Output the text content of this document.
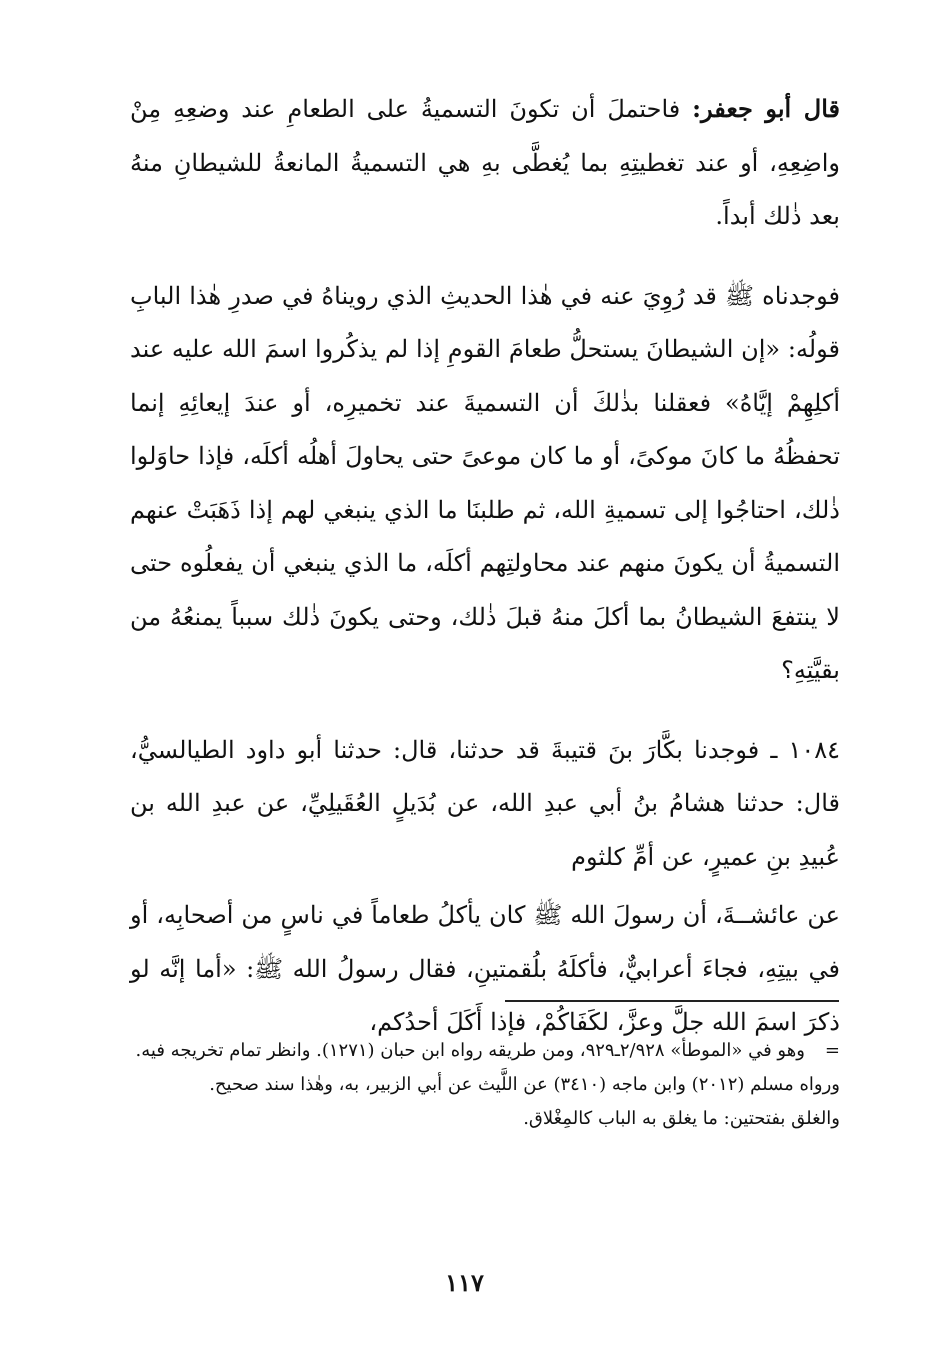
قال أبو جعفر: فاحتملَ أن تكونَ التسميةُ على الطعامِ عند وضعِهِ مِنْ واضِعِهِ، أو عند تغطيتِهِ بما يُغطَّى بهِ هي التسميةُ المانعةُ للشيطانِ منهُ بعد ذٰلك أبداً.

فوجدناه ﷺ قد رُوِيَ عنه في هٰذا الحديثِ الذي رويناهُ في صدرِ هٰذا البابِ قولُه: «إن الشيطانَ يستحلُّ طعامَ القومِ إذا لم يذكُروا اسمَ الله عليه عند أكلِهِمْ إيَّاهُ» فعقلنا بذٰلكَ أن التسميةَ عند تخميرِه، أو عندَ إيعائِهِ إنما تحفظُهُ ما كانَ موكىً، أو ما كان موعىً حتى يحاولَ أهلُه أكلَه، فإذا حاوَلوا ذٰلك، احتاجُوا إلى تسميةِ الله، ثم طلبنَا ما الذي ينبغي لهم إذا ذَهَبَتْ عنهم التسميةُ أن يكونَ منهم عند محاولتِهم أكلَه، ما الذي ينبغي أن يفعلُوه حتى لا ينتفعَ الشيطانُ بما أكلَ منهُ قبلَ ذٰلك، وحتى يكونَ ذٰلك سبباً يمنعُهُ من بقيَّتِهِ؟

١٠٨٤ ـ فوجدنا بكَّارَ بنَ قتيبةَ قد حدثنا، قال: حدثنا أبو داود الطيالسيُّ، قال: حدثنا هشامُ بنُ أبي عبدِ الله، عن بُدَيلٍ العُقَيلِيِّ، عن عبدِ الله بن عُبيدِ بنِ عميرٍ، عن أمِّ كلثوم

عن عائشــةَ، أن رسولَ الله ﷺ كان يأكلُ طعاماً في ناسٍ من أصحابِه، أو في بيتِهِ، فجاءَ أعرابيٌّ، فأكلَهُ بلُقمتينِ، فقال رسولُ الله ﷺ: «أما إنَّه لو ذكرَ اسمَ الله جلَّ وعزَّ، لكَفَاكُمْ، فإذا أَكَلَ أحدُكم،

=وهو في «الموطأ» ٢/٩٢٨ـ٩٢٩، ومن طريقه رواه ابن حبان (١٢٧١). وانظر تمام تخريجه فيه.

ورواه مسلم (٢٠١٢) وابن ماجه (٣٤١٠) عن اللَّيث عن أبي الزبير، به، وهٰذا سند صحيح.

والغلق بفتحتين: ما يغلق به الباب كالمِغْلاق.

١١٧
